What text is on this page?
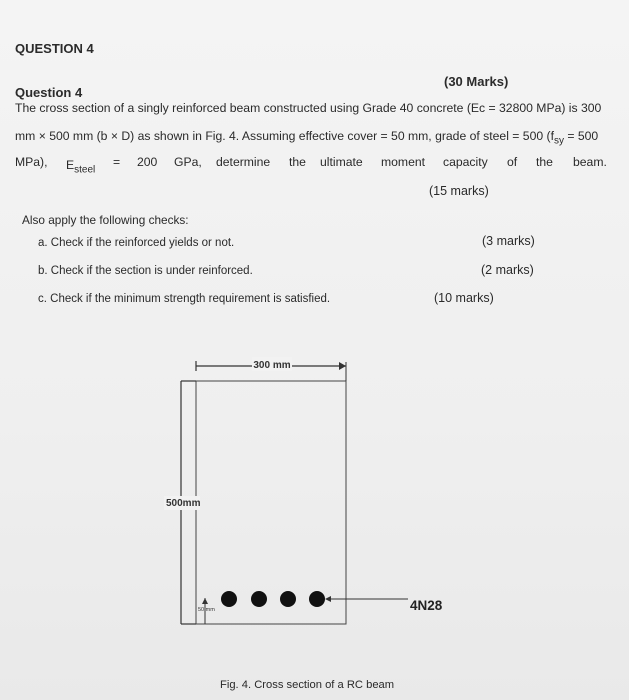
QUESTION 4
(30 Marks)
Question 4
The cross section of a singly reinforced beam constructed using Grade 40 concrete (Ec = 32800 MPa) is 300
mm × 500 mm (b × D) as shown in Fig. 4. Assuming effective cover = 50 mm, grade of steel = 500 ($f_{sy} = 500$
MPa), $E_{steel}$
= 200 GPa, determine the ultimate moment capacity of the beam.
(15 marks)
Also apply the following checks:
a. Check if the reinforced yields or not.	(3 marks)
b. Check if the section is under reinforced.	(2 marks)
c. Check if the minimum strength requirement is satisfied.	(10 marks)
300 mm
500mm
50 mm	4N28
Fig. 4. Cross section of a RC beam
